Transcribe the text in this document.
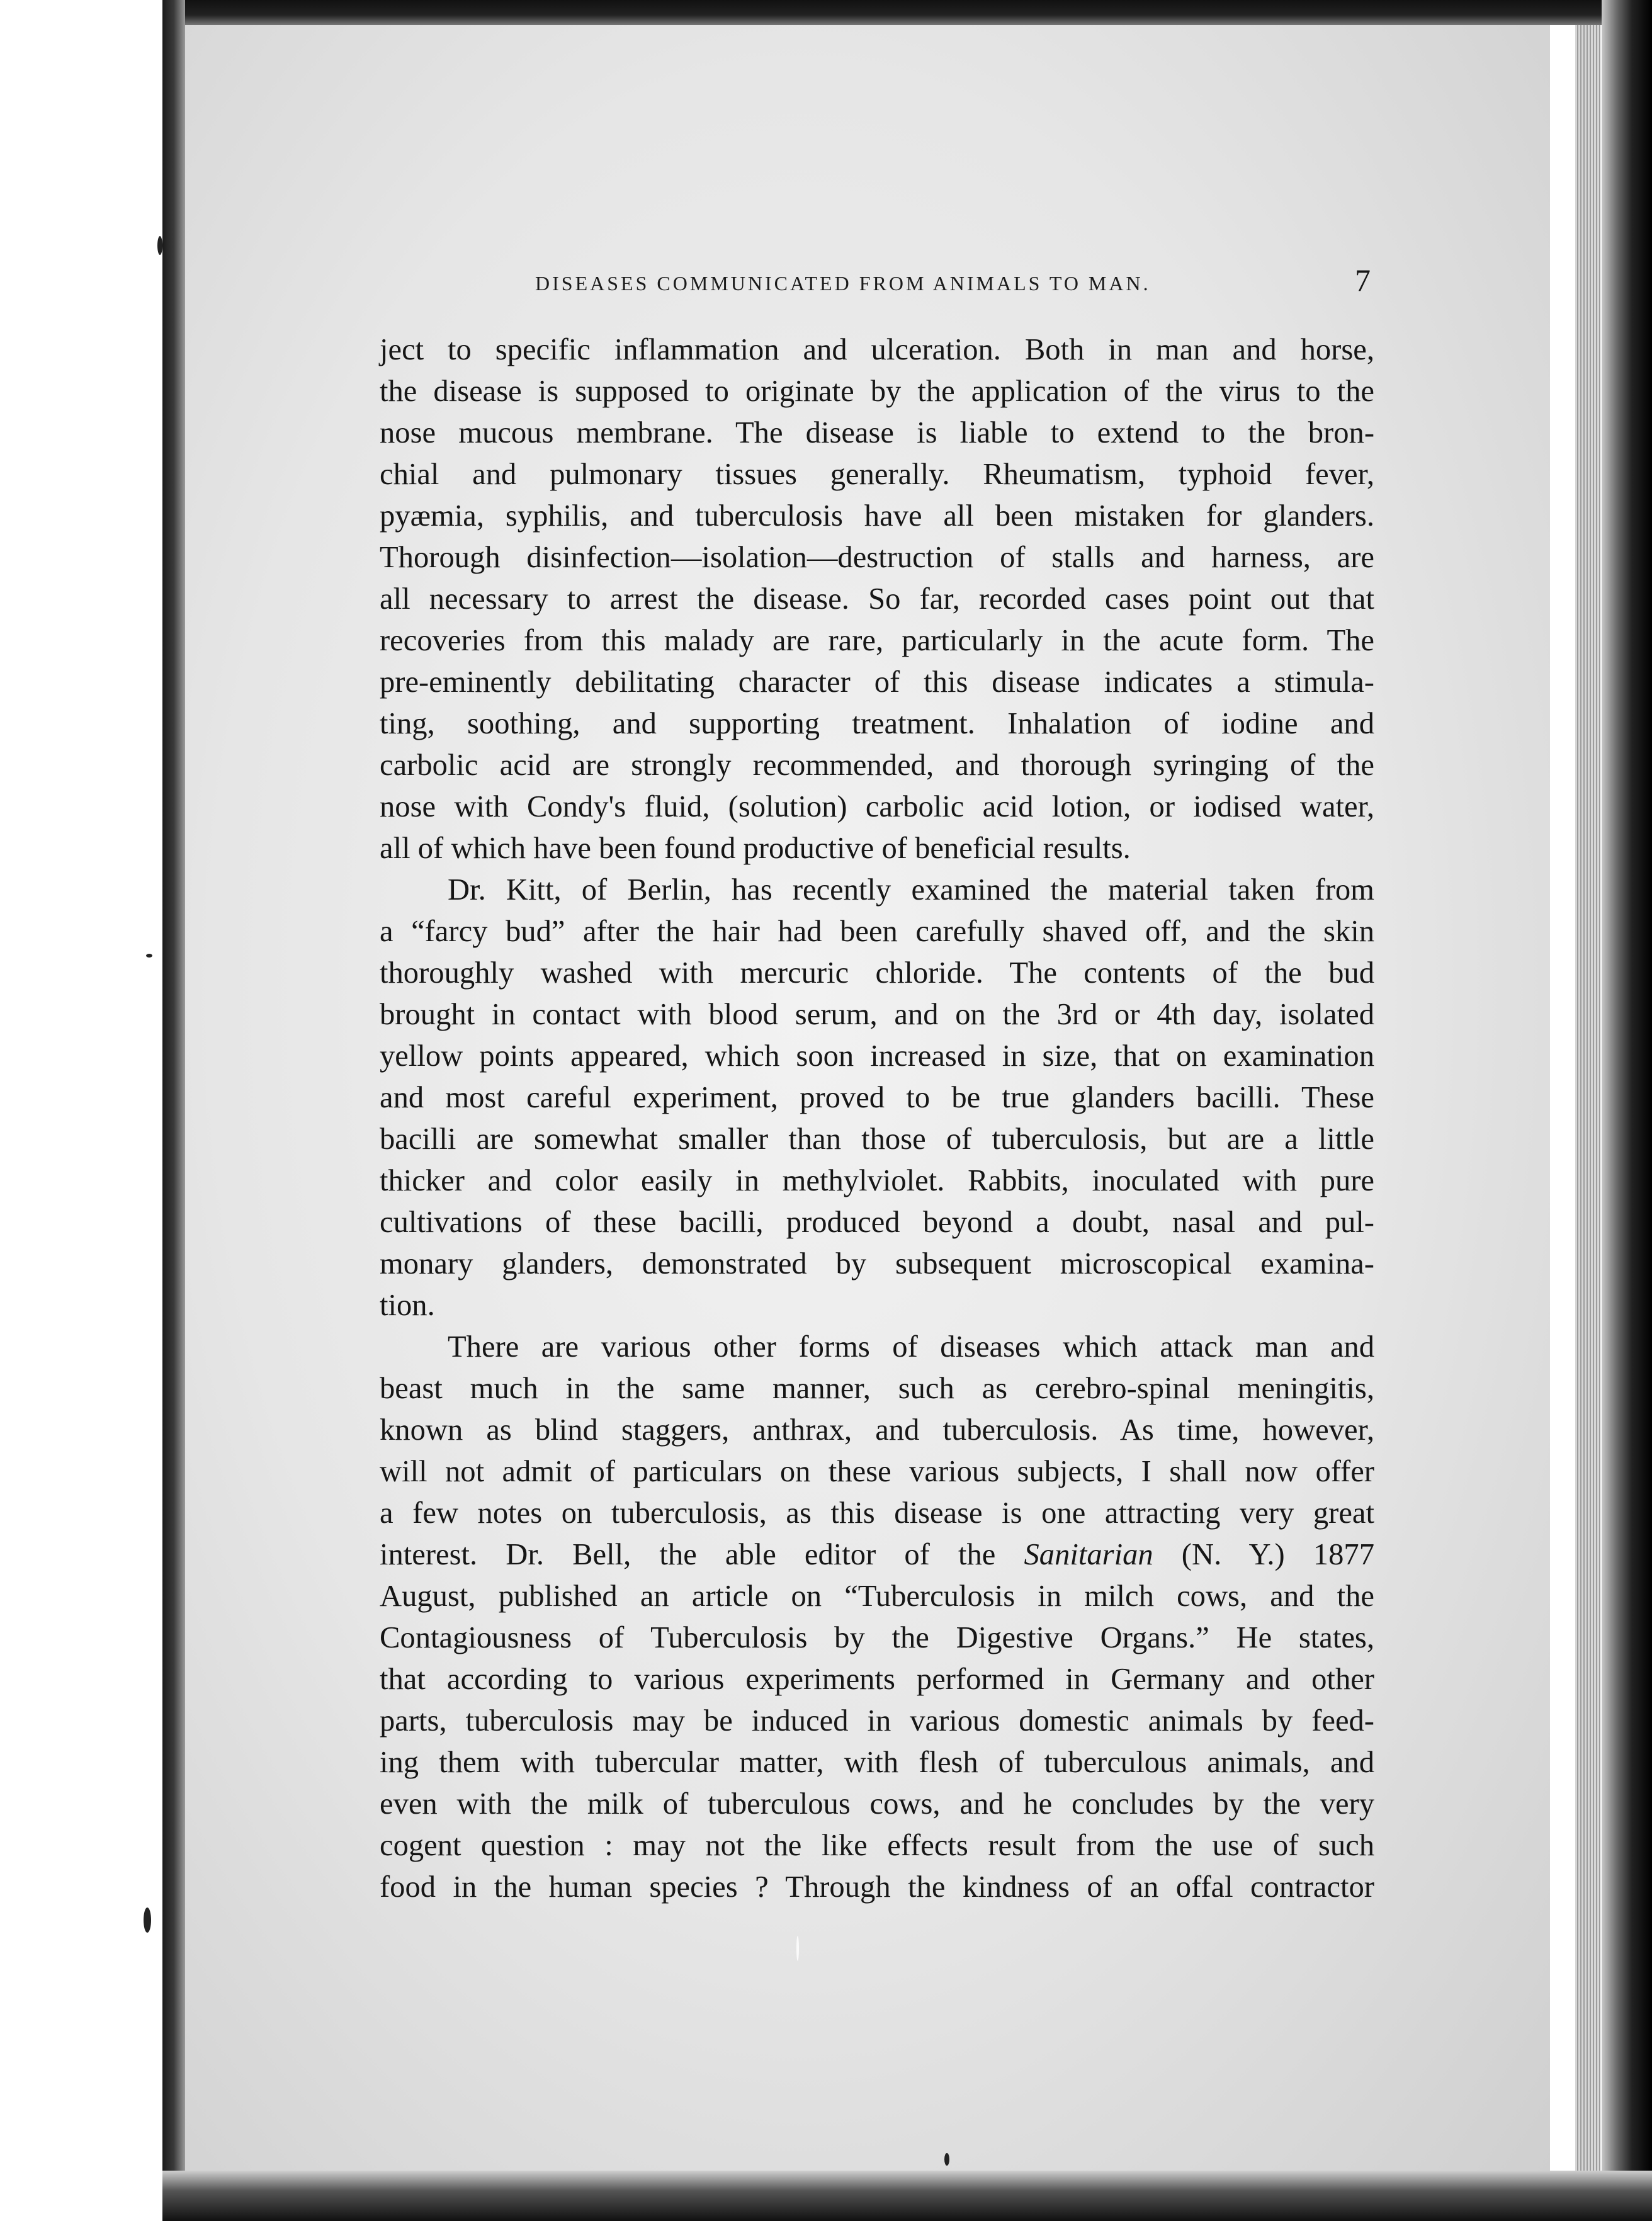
DISEASES COMMUNICATED FROM ANIMALS TO MAN.	7
ject to specific inflammation and ulceration. Both in man and horse,
the disease is supposed to originate by the application of the virus to the
nose mucous membrane. The disease is liable to extend to the bron-
chial and pulmonary tissues generally. Rheumatism, typhoid fever,
pyæmia, syphilis, and tuberculosis have all been mistaken for glanders.
Thorough disinfection—isolation—destruction of stalls and harness, are
all necessary to arrest the disease. So far, recorded cases point out that
recoveries from this malady are rare, particularly in the acute form. The
pre-eminently debilitating character of this disease indicates a stimula-
ting, soothing, and supporting treatment. Inhalation of iodine and
carbolic acid are strongly recommended, and thorough syringing of the
nose with Condy's fluid, (solution) carbolic acid lotion, or iodised water,
all of which have been found productive of beneficial results.
Dr. Kitt, of Berlin, has recently examined the material taken from
a “farcy bud” after the hair had been carefully shaved off, and the skin
thoroughly washed with mercuric chloride. The contents of the bud
brought in contact with blood serum, and on the 3rd or 4th day, isolated
yellow points appeared, which soon increased in size, that on examination
and most careful experiment, proved to be true glanders bacilli. These
bacilli are somewhat smaller than those of tuberculosis, but are a little
thicker and color easily in methylviolet. Rabbits, inoculated with pure
cultivations of these bacilli, produced beyond a doubt, nasal and pul-
monary glanders, demonstrated by subsequent microscopical examina-
tion.
There are various other forms of diseases which attack man and
beast much in the same manner, such as cerebro-spinal meningitis,
known as blind staggers, anthrax, and tuberculosis. As time, however,
will not admit of particulars on these various subjects, I shall now offer
a few notes on tuberculosis, as this disease is one attracting very great
interest. Dr. Bell, the able editor of the Sanitarian (N. Y.) 1877
August, published an article on “Tuberculosis in milch cows, and the
Contagiousness of Tuberculosis by the Digestive Organs.” He states,
that according to various experiments performed in Germany and other
parts, tuberculosis may be induced in various domestic animals by feed-
ing them with tubercular matter, with flesh of tuberculous animals, and
even with the milk of tuberculous cows, and he concludes by the very
cogent question : may not the like effects result from the use of such
food in the human species ? Through the kindness of an offal contractor
